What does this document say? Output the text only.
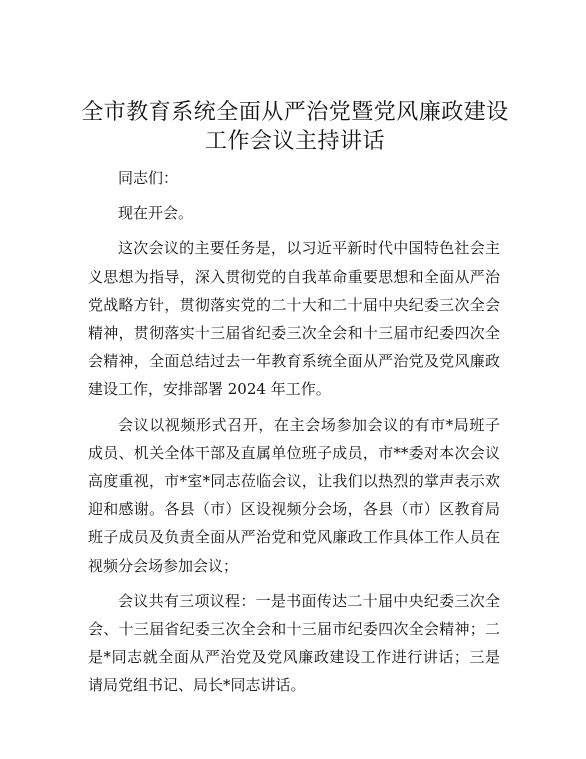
全市教育系统全面从严治党暨党风廉政建设工作会议主持讲话

同志们：

现在开会。

这次会议的主要任务是，以习近平新时代中国特色社会主义思想为指导，深入贯彻党的自我革命重要思想和全面从严治党战略方针，贯彻落实党的二十大和二十届中央纪委三次全会精神，贯彻落实十三届省纪委三次全会和十三届市纪委四次全会精神，全面总结过去一年教育系统全面从严治党及党风廉政建设工作，安排部署 2024 年工作。

会议以视频形式召开，在主会场参加会议的有市*局班子成员、机关全体干部及直属单位班子成员，市**委对本次会议高度重视，市*室*同志莅临会议，让我们以热烈的掌声表示欢迎和感谢。各县（市）区设视频分会场，各县（市）区教育局班子成员及负责全面从严治党和党风廉政工作具体工作人员在视频分会场参加会议；

会议共有三项议程：一是书面传达二十届中央纪委三次全会、十三届省纪委三次全会和十三届市纪委四次全会精神；二是*同志就全面从严治党及党风廉政建设工作进行讲话；三是请局党组书记、局长*同志讲话。
